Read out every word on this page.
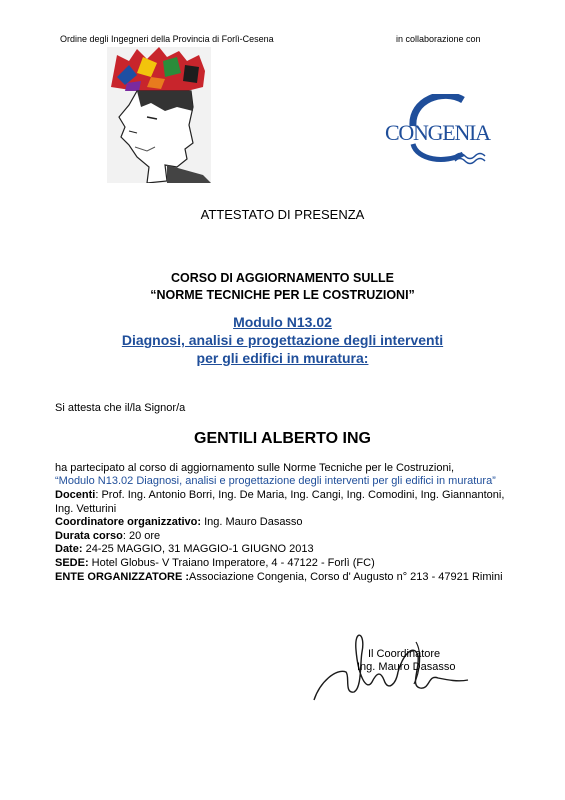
Ordine degli Ingegneri della Provincia di Forlì-Cesena	in collaborazione con
CONGENIA
ATTESTATO DI PRESENZA
CORSO DI AGGIORNAMENTO SULLE
“NORME TECNICHE PER LE COSTRUZIONI”
Modulo N13.02
Diagnosi, analisi e progettazione degli interventi
per gli edifici in muratura:
Si attesta che il/la Signor/a
GENTILI ALBERTO ING
ha partecipato al corso di aggiornamento sulle Norme Tecniche per le Costruzioni,
“Modulo N13.02 Diagnosi, analisi e progettazione degli interventi per gli edifici in muratura”
Docenti: Prof. Ing. Antonio Borri, Ing. De Maria, Ing. Cangi, Ing. Comodini, Ing. Giannantoni, Ing. Vetturini
Coordinatore organizzativo: Ing. Mauro Dasasso
Durata corso: 20 ore
Date: 24-25 MAGGIO, 31 MAGGIO-1 GIUGNO 2013
SEDE: Hotel Globus- V Traiano Imperatore, 4 - 47122 - Forlì (FC)
ENTE ORGANIZZATORE :Associazione Congenia, Corso d' Augusto n° 213 - 47921 Rimini
Il Coordinatore
Ing. Mauro Dasasso
